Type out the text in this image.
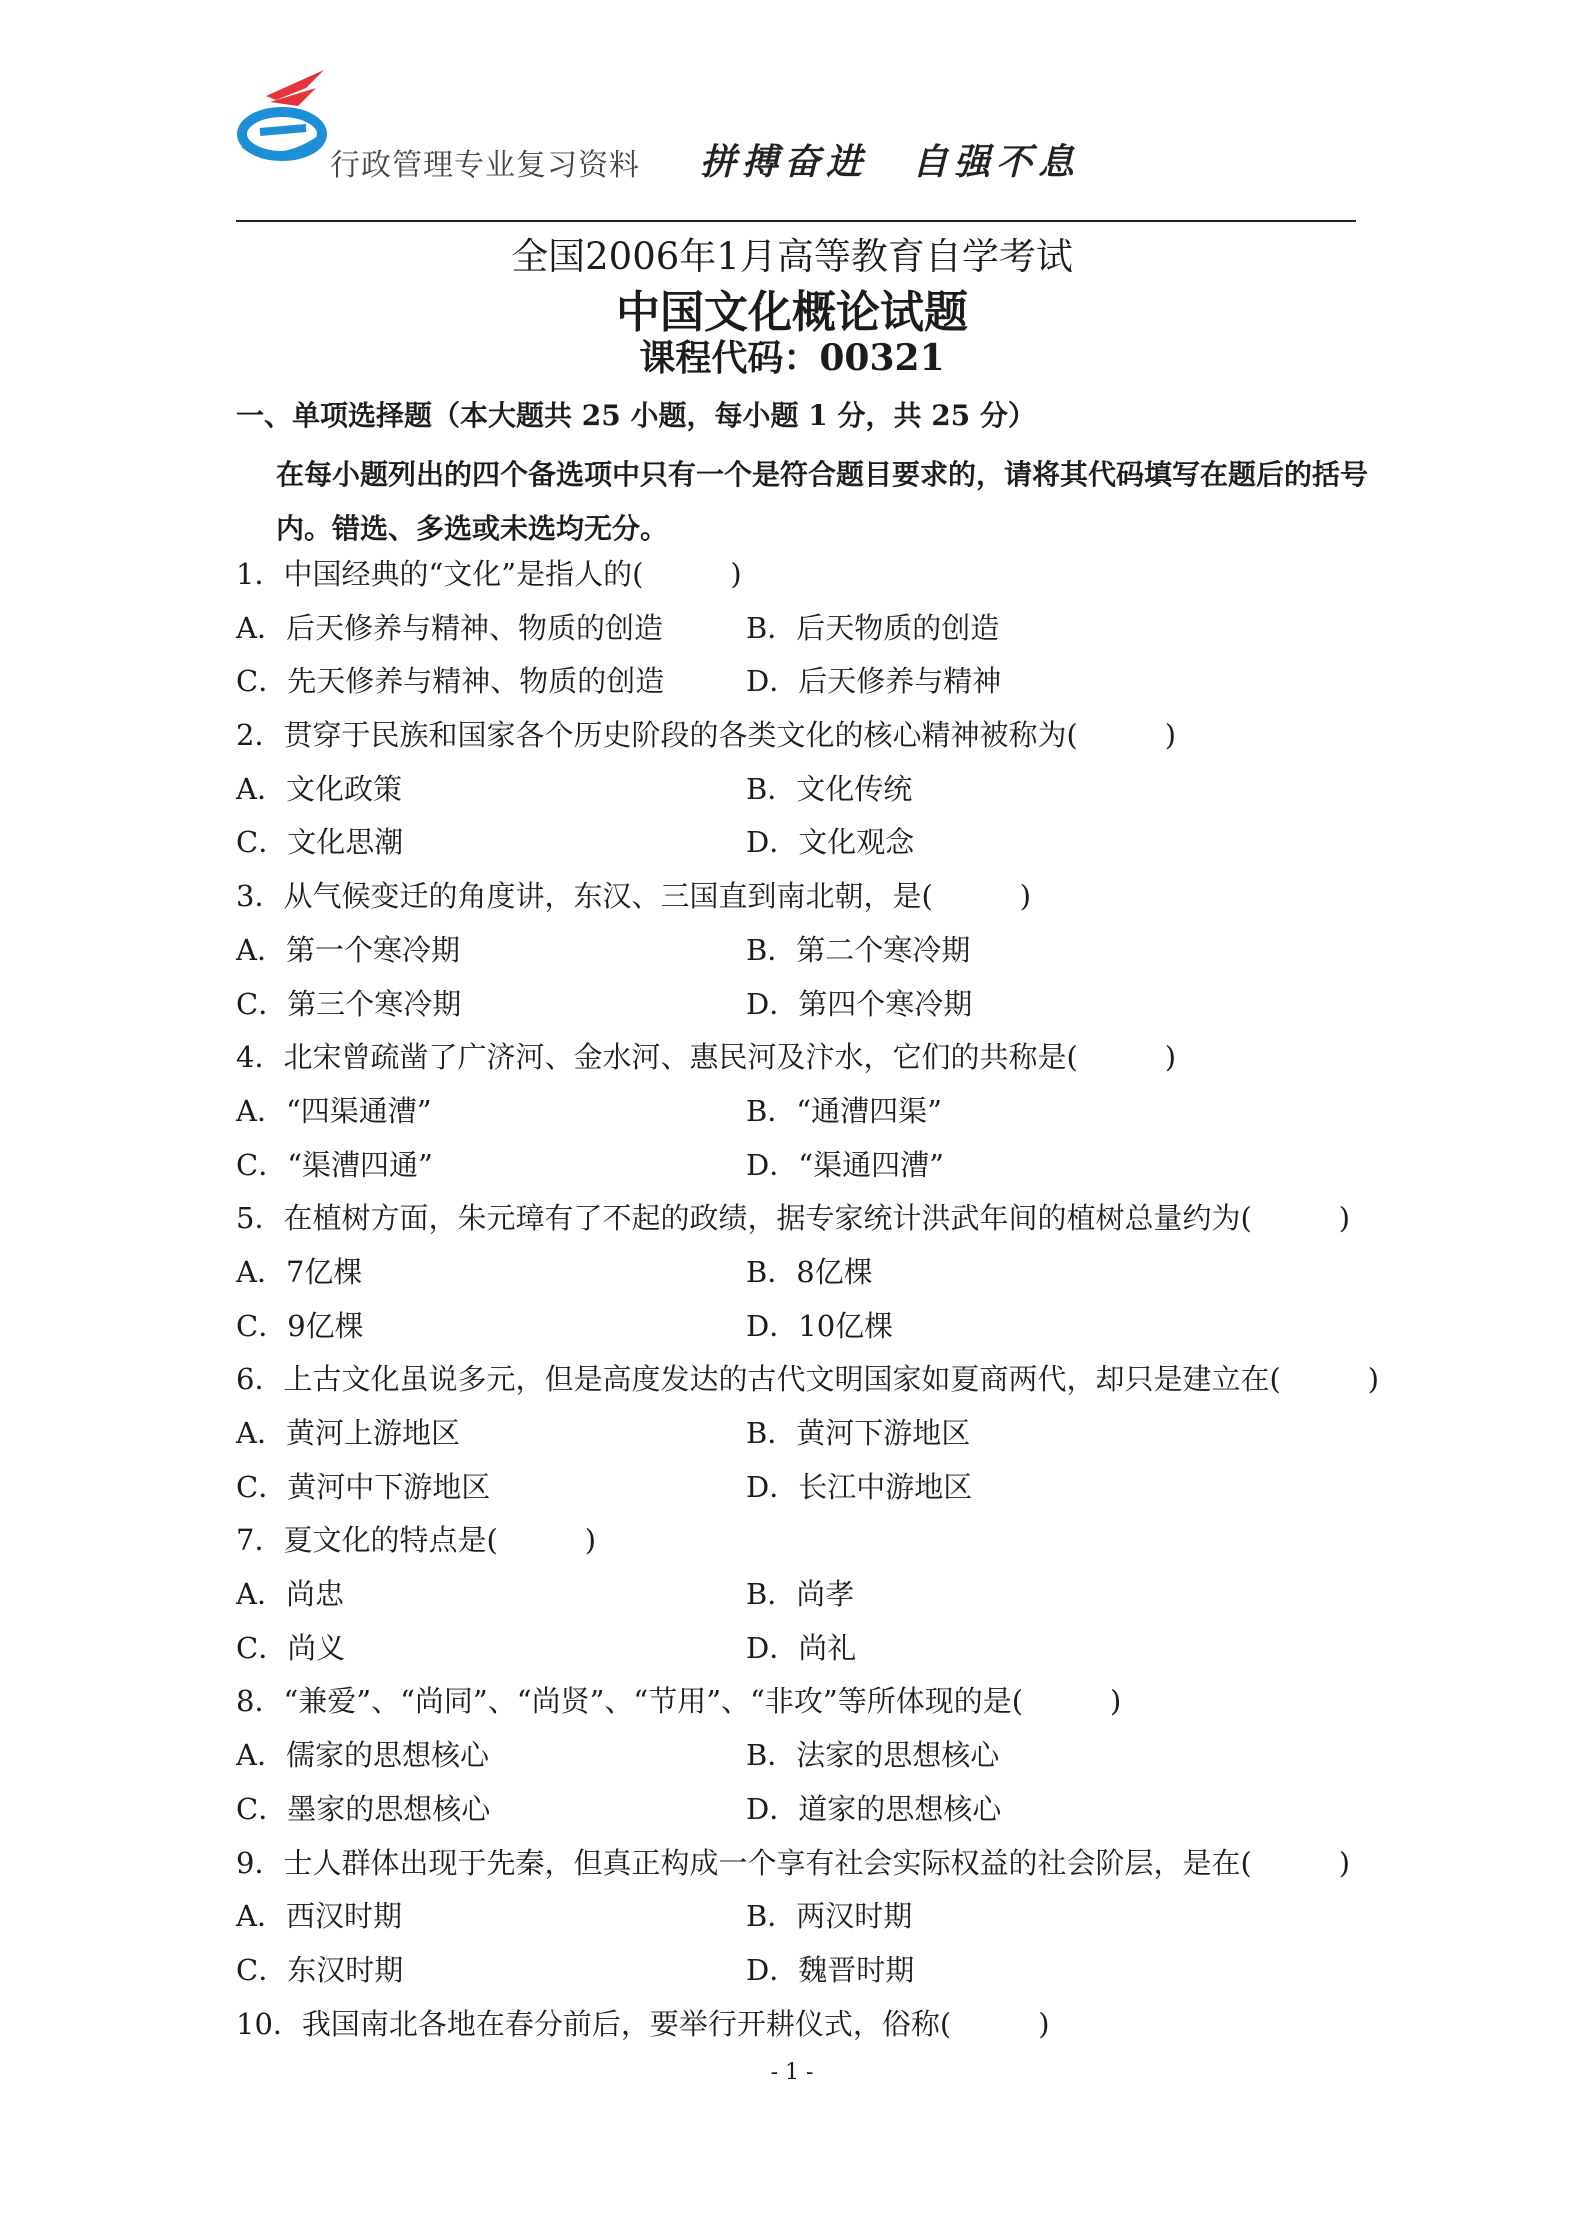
行政管理专业复习资料 拼搏奋进 自强不息
全国2006年1月高等教育自学考试
中国文化概论试题
课程代码：00321
一、单项选择题（本大题共 25 小题，每小题 1 分，共 25 分）
在每小题列出的四个备选项中只有一个是符合题目要求的，请将其代码填写在题后的括号内。错选、多选或未选均无分。
1．中国经典的“文化”是指人的(　　　)
A．后天修养与精神、物质的创造	B．后天物质的创造
C．先天修养与精神、物质的创造	D．后天修养与精神
2．贯穿于民族和国家各个历史阶段的各类文化的核心精神被称为(　　　)
A．文化政策	B．文化传统
C．文化思潮	D．文化观念
3．从气候变迁的角度讲，东汉、三国直到南北朝，是(　　　)
A．第一个寒冷期	B．第二个寒冷期
C．第三个寒冷期	D．第四个寒冷期
4．北宋曾疏凿了广济河、金水河、惠民河及汴水，它们的共称是(　　　)
A．“四渠通漕”	B．“通漕四渠”
C．“渠漕四通”	D．“渠通四漕”
5．在植树方面，朱元璋有了不起的政绩，据专家统计洪武年间的植树总量约为(　　　)
A．7亿棵	B．8亿棵
C．9亿棵	D．10亿棵
6．上古文化虽说多元，但是高度发达的古代文明国家如夏商两代，却只是建立在(　　　)
A．黄河上游地区	B．黄河下游地区
C．黄河中下游地区	D．长江中游地区
7．夏文化的特点是(　　　)
A．尚忠	B．尚孝
C．尚义	D．尚礼
8．“兼爱”、“尚同”、“尚贤”、“节用”、“非攻”等所体现的是(　　　)
A．儒家的思想核心	B．法家的思想核心
C．墨家的思想核心	D．道家的思想核心
9．士人群体出现于先秦，但真正构成一个享有社会实际权益的社会阶层，是在(　　　)
A．西汉时期	B．两汉时期
C．东汉时期	D．魏晋时期
10．我国南北各地在春分前后，要举行开耕仪式，俗称(　　　)
- 1 -
